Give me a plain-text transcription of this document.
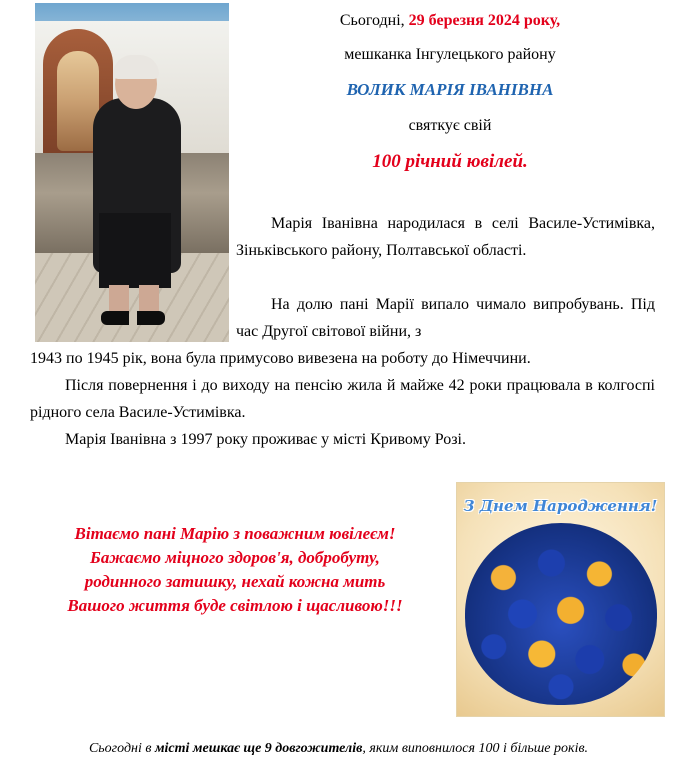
Сьогодні, 29 березня 2024 року,
мешканка Інгулецького району
ВОЛИК МАРІЯ ІВАНІВНА
святкує свій
100 річний ювілей.

Марія Іванівна народилася в селі Василе-Устимівка, Зіньківського району, Полтавської області.

На долю пані Марії випало чимало випробувань. Під час Другої світової війни, з

1943 по 1945 рік, вона була примусово вивезена на роботу до Німеччини.

Після повернення і до виходу на пенсію жила й майже 42 роки працювала в колгоспі рідного села Василе-Устимівка.

Марія Іванівна з 1997 року проживає у місті Кривому Розі.

Вітаємо пані Марію з поважним ювілеєм!
Бажаємо міцного здоров'я, добробуту,
родинного затишку, нехай кожна мить
Вашого життя буде світлою і щасливою!!!
З Днем Народження!
Сьогодні в місті мешкає ще 9 довгожителів, яким виповнилося 100 і більше років.
